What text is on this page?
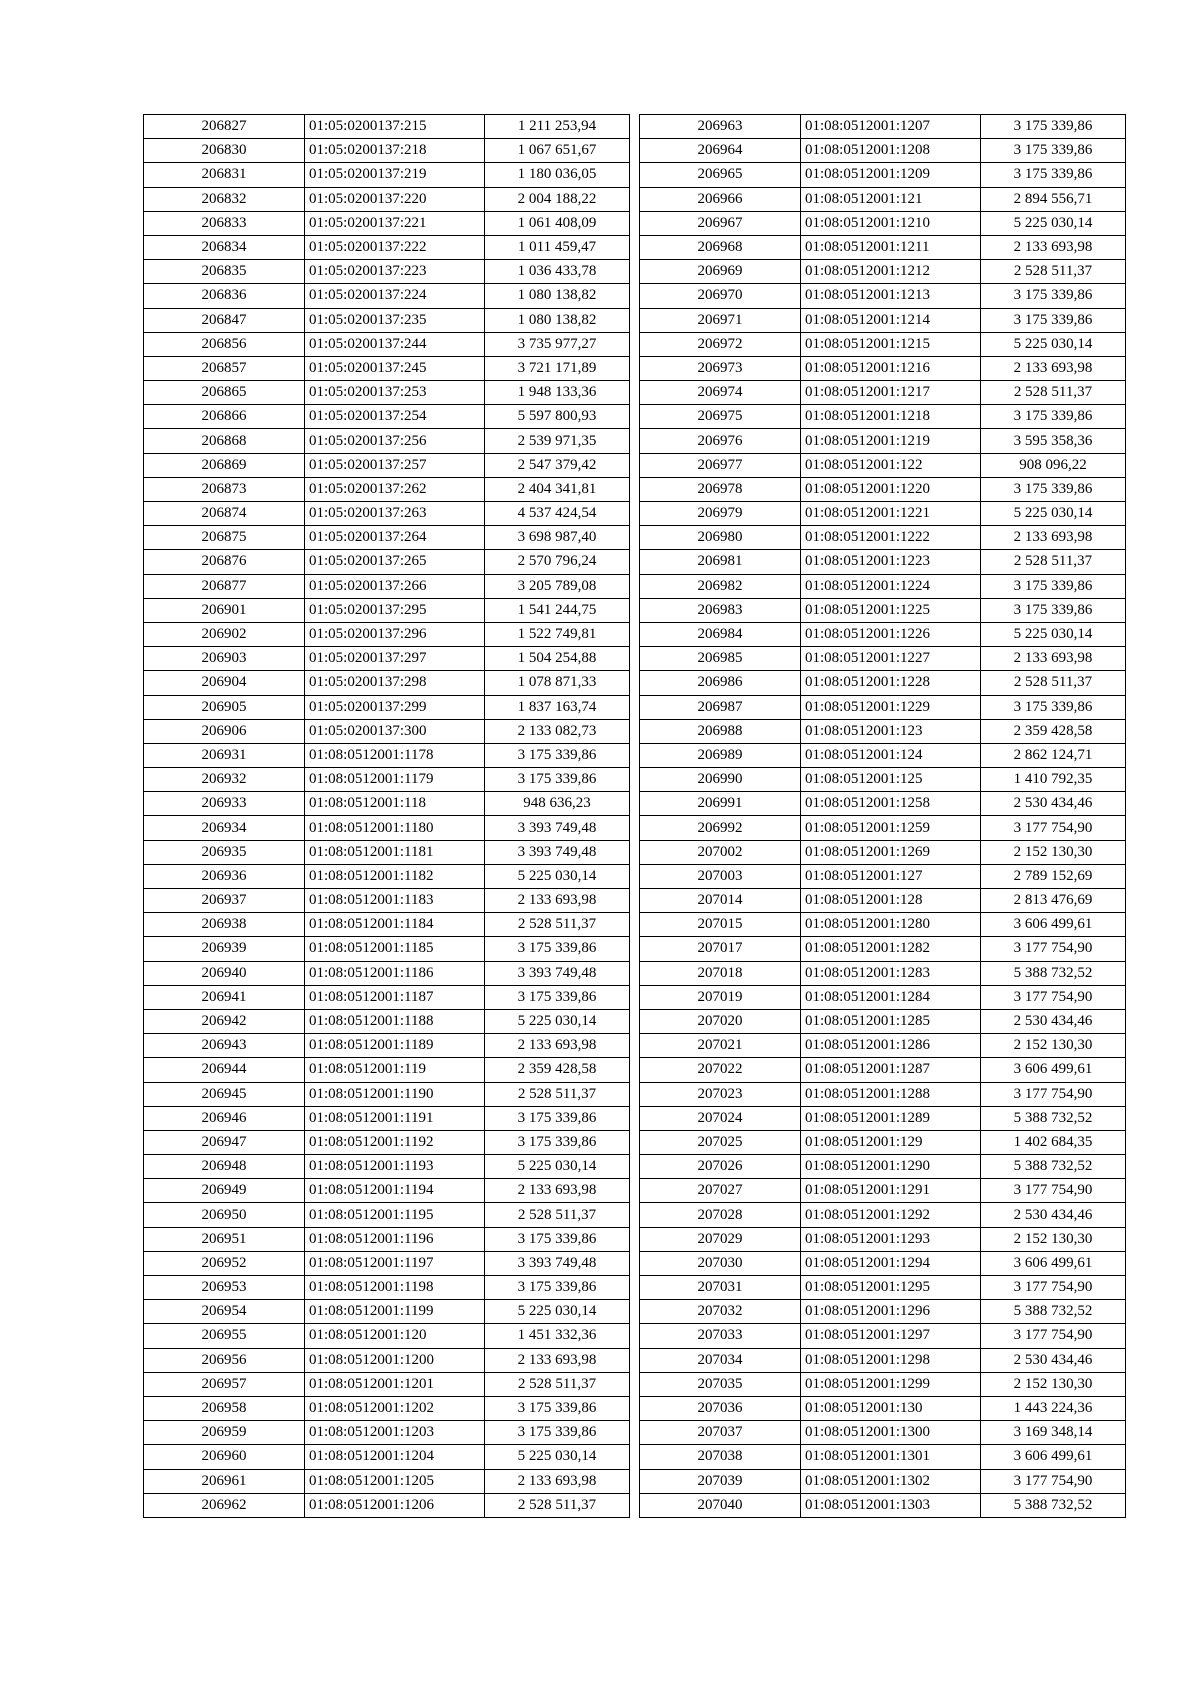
206827	01:05:0200137:215	1 211 253,94
206830	01:05:0200137:218	1 067 651,67
206831	01:05:0200137:219	1 180 036,05
206832	01:05:0200137:220	2 004 188,22
206833	01:05:0200137:221	1 061 408,09
206834	01:05:0200137:222	1 011 459,47
206835	01:05:0200137:223	1 036 433,78
206836	01:05:0200137:224	1 080 138,82
206847	01:05:0200137:235	1 080 138,82
206856	01:05:0200137:244	3 735 977,27
206857	01:05:0200137:245	3 721 171,89
206865	01:05:0200137:253	1 948 133,36
206866	01:05:0200137:254	5 597 800,93
206868	01:05:0200137:256	2 539 971,35
206869	01:05:0200137:257	2 547 379,42
206873	01:05:0200137:262	2 404 341,81
206874	01:05:0200137:263	4 537 424,54
206875	01:05:0200137:264	3 698 987,40
206876	01:05:0200137:265	2 570 796,24
206877	01:05:0200137:266	3 205 789,08
206901	01:05:0200137:295	1 541 244,75
206902	01:05:0200137:296	1 522 749,81
206903	01:05:0200137:297	1 504 254,88
206904	01:05:0200137:298	1 078 871,33
206905	01:05:0200137:299	1 837 163,74
206906	01:05:0200137:300	2 133 082,73
206931	01:08:0512001:1178	3 175 339,86
206932	01:08:0512001:1179	3 175 339,86
206933	01:08:0512001:118	948 636,23
206934	01:08:0512001:1180	3 393 749,48
206935	01:08:0512001:1181	3 393 749,48
206936	01:08:0512001:1182	5 225 030,14
206937	01:08:0512001:1183	2 133 693,98
206938	01:08:0512001:1184	2 528 511,37
206939	01:08:0512001:1185	3 175 339,86
206940	01:08:0512001:1186	3 393 749,48
206941	01:08:0512001:1187	3 175 339,86
206942	01:08:0512001:1188	5 225 030,14
206943	01:08:0512001:1189	2 133 693,98
206944	01:08:0512001:119	2 359 428,58
206945	01:08:0512001:1190	2 528 511,37
206946	01:08:0512001:1191	3 175 339,86
206947	01:08:0512001:1192	3 175 339,86
206948	01:08:0512001:1193	5 225 030,14
206949	01:08:0512001:1194	2 133 693,98
206950	01:08:0512001:1195	2 528 511,37
206951	01:08:0512001:1196	3 175 339,86
206952	01:08:0512001:1197	3 393 749,48
206953	01:08:0512001:1198	3 175 339,86
206954	01:08:0512001:1199	5 225 030,14
206955	01:08:0512001:120	1 451 332,36
206956	01:08:0512001:1200	2 133 693,98
206957	01:08:0512001:1201	2 528 511,37
206958	01:08:0512001:1202	3 175 339,86
206959	01:08:0512001:1203	3 175 339,86
206960	01:08:0512001:1204	5 225 030,14
206961	01:08:0512001:1205	2 133 693,98
206962	01:08:0512001:1206	2 528 511,37
206963	01:08:0512001:1207	3 175 339,86
206964	01:08:0512001:1208	3 175 339,86
206965	01:08:0512001:1209	3 175 339,86
206966	01:08:0512001:121	2 894 556,71
206967	01:08:0512001:1210	5 225 030,14
206968	01:08:0512001:1211	2 133 693,98
206969	01:08:0512001:1212	2 528 511,37
206970	01:08:0512001:1213	3 175 339,86
206971	01:08:0512001:1214	3 175 339,86
206972	01:08:0512001:1215	5 225 030,14
206973	01:08:0512001:1216	2 133 693,98
206974	01:08:0512001:1217	2 528 511,37
206975	01:08:0512001:1218	3 175 339,86
206976	01:08:0512001:1219	3 595 358,36
206977	01:08:0512001:122	908 096,22
206978	01:08:0512001:1220	3 175 339,86
206979	01:08:0512001:1221	5 225 030,14
206980	01:08:0512001:1222	2 133 693,98
206981	01:08:0512001:1223	2 528 511,37
206982	01:08:0512001:1224	3 175 339,86
206983	01:08:0512001:1225	3 175 339,86
206984	01:08:0512001:1226	5 225 030,14
206985	01:08:0512001:1227	2 133 693,98
206986	01:08:0512001:1228	2 528 511,37
206987	01:08:0512001:1229	3 175 339,86
206988	01:08:0512001:123	2 359 428,58
206989	01:08:0512001:124	2 862 124,71
206990	01:08:0512001:125	1 410 792,35
206991	01:08:0512001:1258	2 530 434,46
206992	01:08:0512001:1259	3 177 754,90
207002	01:08:0512001:1269	2 152 130,30
207003	01:08:0512001:127	2 789 152,69
207014	01:08:0512001:128	2 813 476,69
207015	01:08:0512001:1280	3 606 499,61
207017	01:08:0512001:1282	3 177 754,90
207018	01:08:0512001:1283	5 388 732,52
207019	01:08:0512001:1284	3 177 754,90
207020	01:08:0512001:1285	2 530 434,46
207021	01:08:0512001:1286	2 152 130,30
207022	01:08:0512001:1287	3 606 499,61
207023	01:08:0512001:1288	3 177 754,90
207024	01:08:0512001:1289	5 388 732,52
207025	01:08:0512001:129	1 402 684,35
207026	01:08:0512001:1290	5 388 732,52
207027	01:08:0512001:1291	3 177 754,90
207028	01:08:0512001:1292	2 530 434,46
207029	01:08:0512001:1293	2 152 130,30
207030	01:08:0512001:1294	3 606 499,61
207031	01:08:0512001:1295	3 177 754,90
207032	01:08:0512001:1296	5 388 732,52
207033	01:08:0512001:1297	3 177 754,90
207034	01:08:0512001:1298	2 530 434,46
207035	01:08:0512001:1299	2 152 130,30
207036	01:08:0512001:130	1 443 224,36
207037	01:08:0512001:1300	3 169 348,14
207038	01:08:0512001:1301	3 606 499,61
207039	01:08:0512001:1302	3 177 754,90
207040	01:08:0512001:1303	5 388 732,52
